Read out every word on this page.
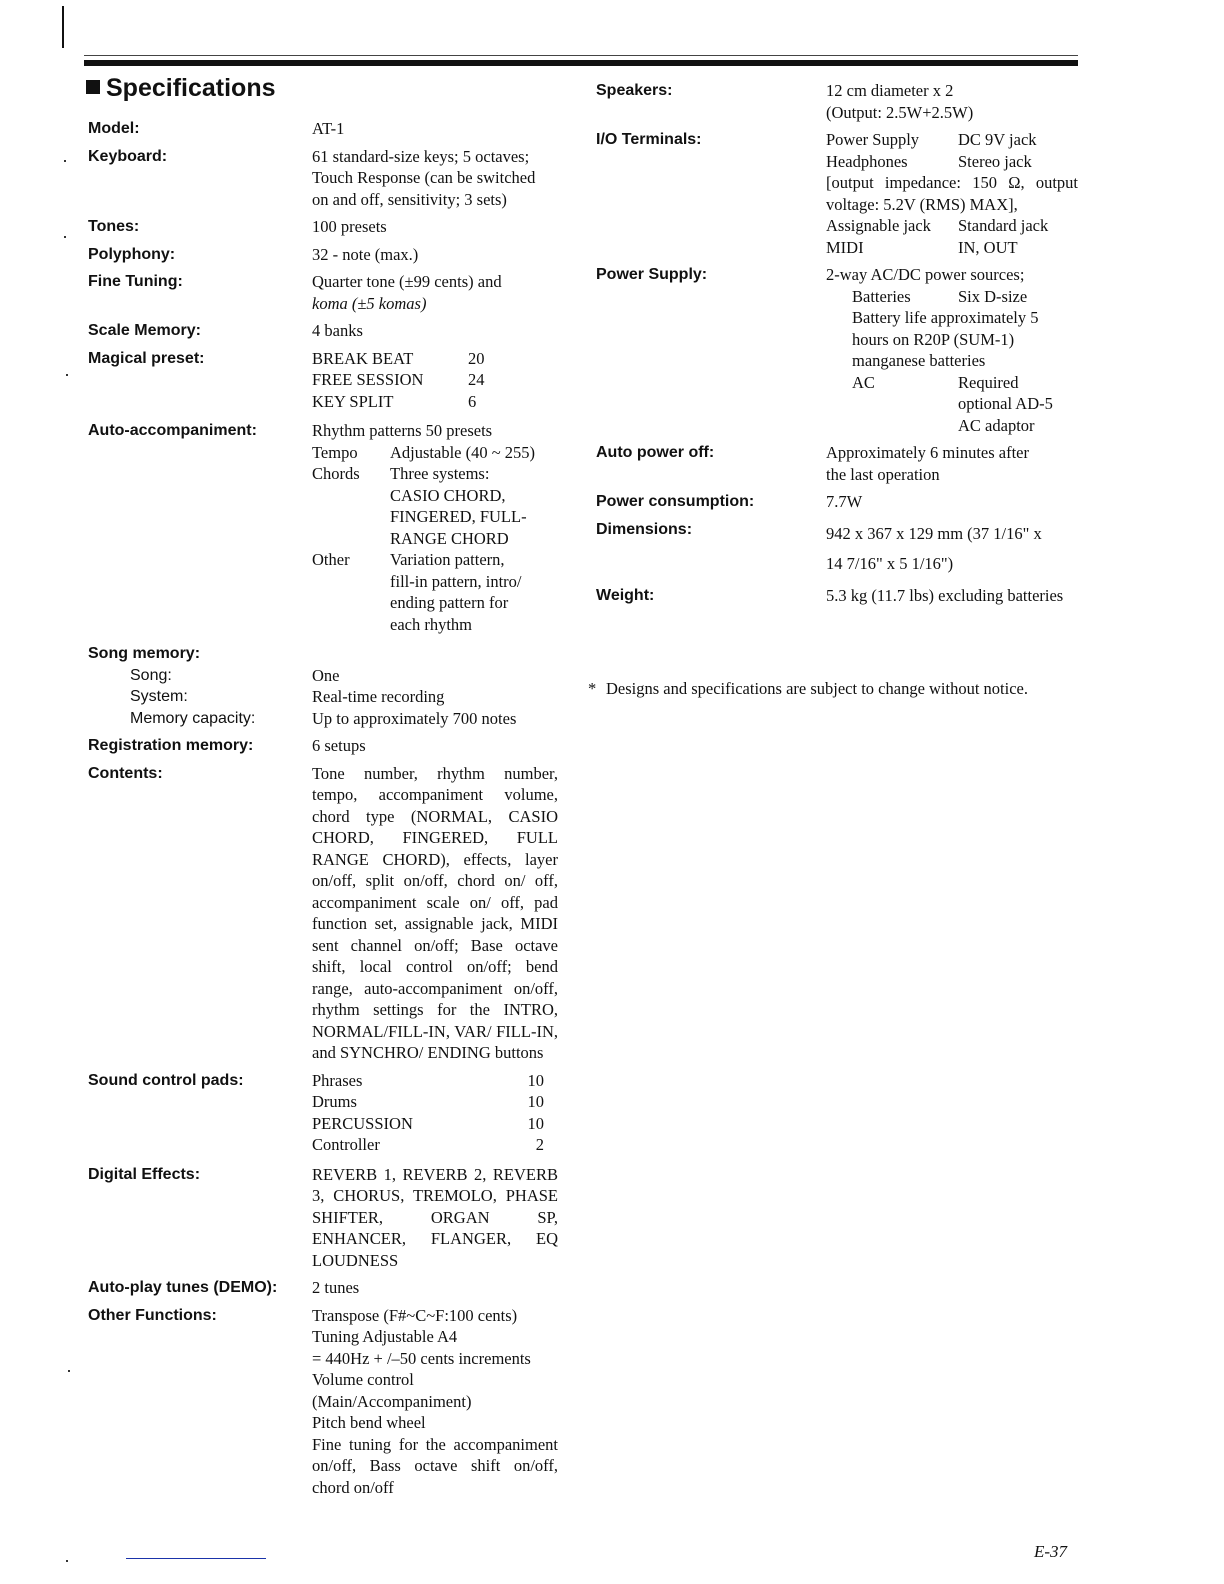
Specifications
Model:	AT-1
Keyboard:	61 standard-size keys; 5 octaves;
Touch Response (can be switched
on and off, sensitivity; 3 sets)
Tones:	100 presets
Polyphony:	32 - note (max.)
Fine Tuning:	Quarter tone (±99 cents) and
koma (±5 komas)
Scale Memory:	4 banks
Magical preset:	BREAK BEAT	20
FREE SESSION	24
KEY SPLIT	6
Auto-accompaniment:	Rhythm patterns 50 presets
Tempo	Adjustable (40 ~ 255)
Chords	Three systems:
CASIO CHORD,
FINGERED, FULL-
RANGE CHORD
Other	Variation pattern,
fill-in pattern, intro/
ending pattern for
each rhythm
Song memory:
Song:	One
System:	Real-time recording
Memory capacity:	Up to approximately 700 notes
Registration memory:	6 setups
Contents:	Tone number, rhythm number, tempo, accompaniment volume, chord type (NORMAL, CASIO CHORD, FINGERED, FULL RANGE CHORD), effects, layer on/off, split on/off, chord on/ off, accompaniment scale on/ off, pad function set, assignable jack, MIDI sent channel on/off; Base octave shift, local control on/off; bend range, auto-accompaniment on/off, rhythm settings for the INTRO, NORMAL/FILL-IN, VAR/ FILL-IN, and SYNCHRO/ ENDING buttons
Sound control pads:	Phrases	10
Drums	10
PERCUSSION	10
Controller	2
Digital Effects:	REVERB 1, REVERB 2, REVERB 3, CHORUS, TREMOLO, PHASE SHIFTER, ORGAN SP, ENHANCER, FLANGER, EQ LOUDNESS
Auto-play tunes (DEMO):	2 tunes
Other Functions:	Transpose (F#~C~F:100 cents)
Tuning Adjustable A4
= 440Hz + /–50 cents increments
Volume control
(Main/Accompaniment)
Pitch bend wheel
Fine tuning for the accompaniment on/off, Bass octave shift on/off, chord on/off
Speakers:	12 cm diameter x 2
(Output: 2.5W+2.5W)
I/O Terminals:	Power Supply	DC 9V jack
Headphones	Stereo jack
[output impedance: 150 Ω, output voltage: 5.2V (RMS) MAX],
Assignable jack	Standard jack
MIDI	IN, OUT
Power Supply:	2-way AC/DC power sources;
Batteries	Six D-size
Battery life approximately 5
hours on R20P (SUM-1)
manganese batteries
AC	Required
optional AD-5
AC adaptor
Auto power off:	Approximately 6 minutes after
the last operation
Power consumption:	7.7W
Dimensions:	942 x 367 x 129 mm (37 1/16" x
14 7/16" x 5 1/16")
Weight:	5.3 kg (11.7 lbs) excluding batteries
* Designs and specifications are subject to change without notice.
E-37
